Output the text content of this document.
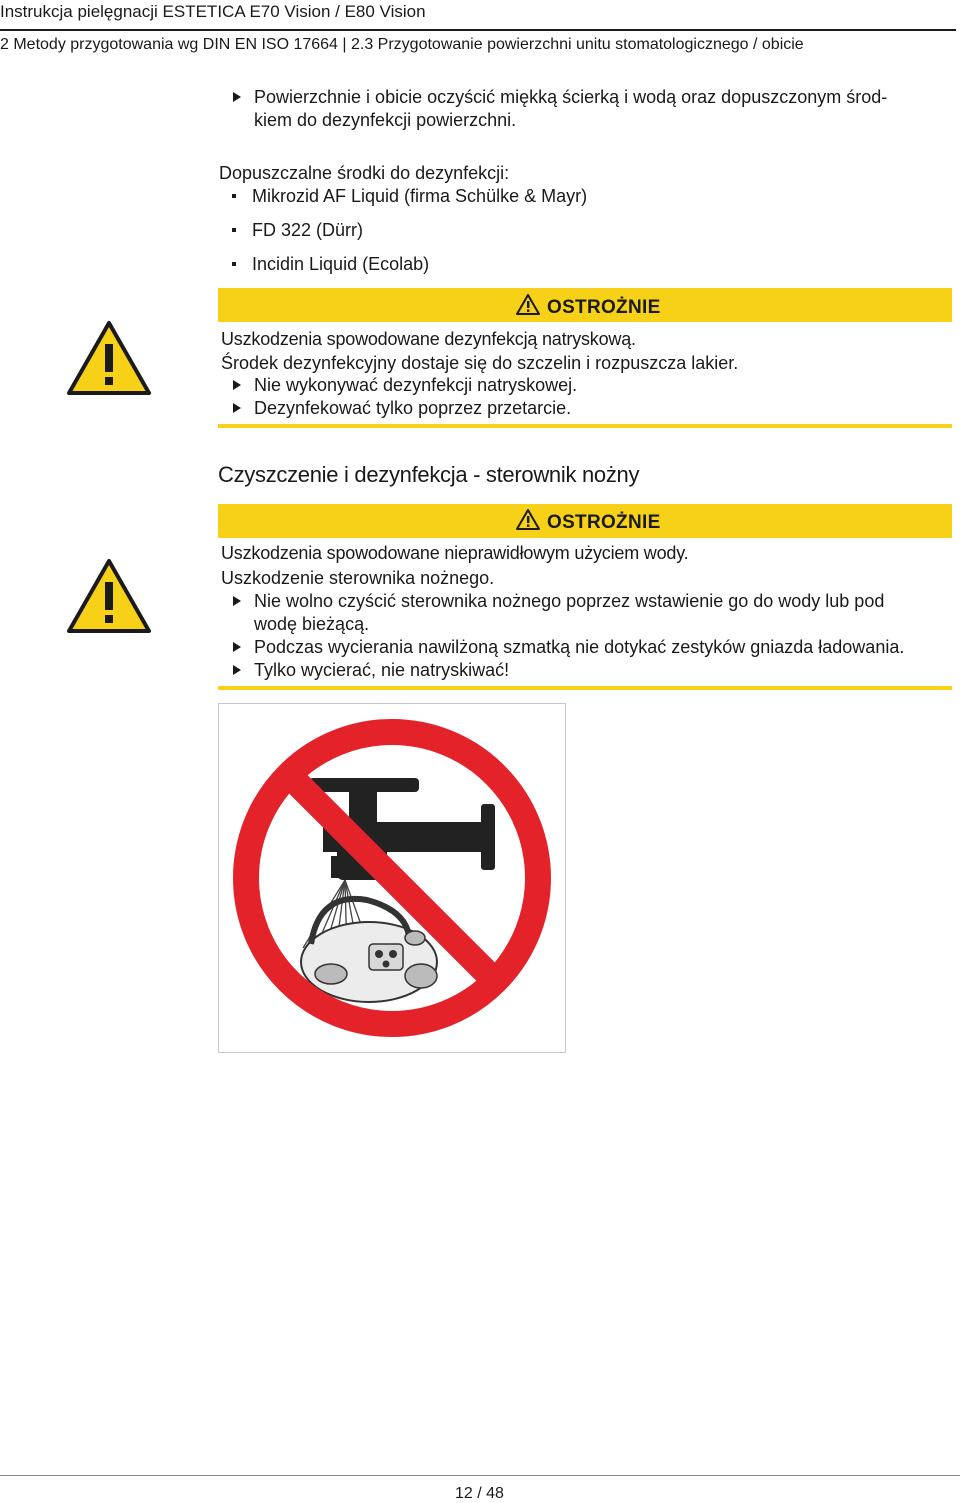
Instrukcja pielęgnacji ESTETICA E70 Vision / E80 Vision
2 Metody przygotowania wg DIN EN ISO 17664 | 2.3 Przygotowanie powierzchni unitu stomatologicznego / obicie
Powierzchnie i obicie oczyścić miękką ścierką i wodą oraz dopuszczonym środ-
kiem do dezynfekcji powierzchni.
Dopuszczalne środki do dezynfekcji:
Mikrozid AF Liquid (firma Schülke & Mayr)
FD 322 (Dürr)
Incidin Liquid (Ecolab)
OSTROŻNIE
Uszkodzenia spowodowane dezynfekcją natryskową.
Środek dezynfekcyjny dostaje się do szczelin i rozpuszcza lakier.
Nie wykonywać dezynfekcji natryskowej.
Dezynfekować tylko poprzez przetarcie.
Czyszczenie i dezynfekcja - sterownik nożny
OSTROŻNIE
Uszkodzenia spowodowane nieprawidłowym użyciem wody.
Uszkodzenie sterownika nożnego.
Nie wolno czyścić sterownika nożnego poprzez wstawienie go do wody lub pod
wodę bieżącą.
Podczas wycierania nawilżoną szmatką nie dotykać zestyków gniazda ładowania.
Tylko wycierać, nie natryskiwać!
12 / 48
